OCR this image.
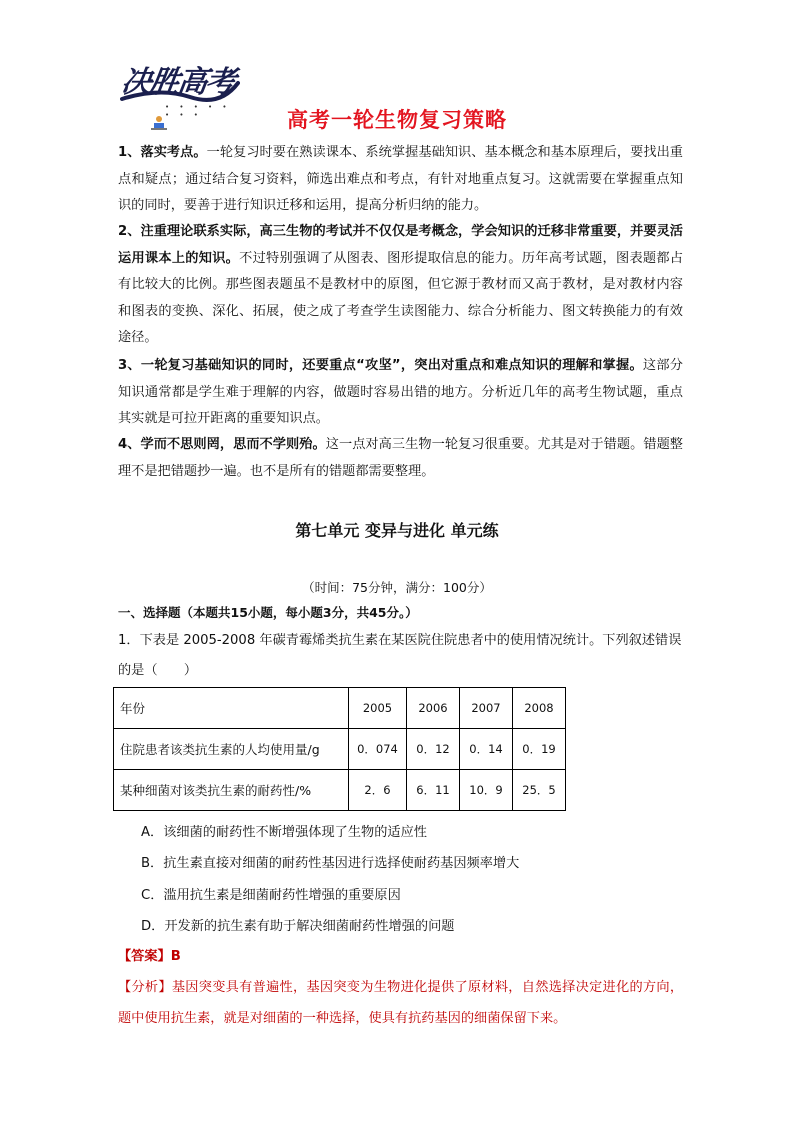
决胜高考
• • • • • • • •	高考一轮生物复习策略
1、落实考点。一轮复习时要在熟读课本、系统掌握基础知识、基本概念和基本原理后，要找出重点和疑点；通过结合复习资料，筛选出难点和考点，有针对地重点复习。这就需要在掌握重点知识的同时，要善于进行知识迁移和运用，提高分析归纳的能力。
2、注重理论联系实际，高三生物的考试并不仅仅是考概念，学会知识的迁移非常重要，并要灵活运用课本上的知识。不过特别强调了从图表、图形提取信息的能力。历年高考试题，图表题都占有比较大的比例。那些图表题虽不是教材中的原图，但它源于教材而又高于教材，是对教材内容和图表的变换、深化、拓展，使之成了考查学生读图能力、综合分析能力、图文转换能力的有效途径。
3、一轮复习基础知识的同时，还要重点“攻坚”，突出对重点和难点知识的理解和掌握。这部分知识通常都是学生难于理解的内容，做题时容易出错的地方。分析近几年的高考生物试题，重点其实就是可拉开距离的重要知识点。
4、学而不思则罔，思而不学则殆。这一点对高三生物一轮复习很重要。尤其是对于错题。错题整理不是把错题抄一遍。也不是所有的错题都需要整理。
第七单元 变异与进化 单元练
（时间：75分钟，满分：100分）
一、选择题（本题共15小题，每小题3分，共45分。）
1．下表是 2005-2008 年碳青霉烯类抗生素在某医院住院患者中的使用情况统计。下列叙述错误的是（　　）
年份	2005	2006	2007	2008
住院患者该类抗生素的人均使用量/g	0．074	0．12	0．14	0．19
某种细菌对该类抗生素的耐药性/%	2．6	6．11	10．9	25．5
A．该细菌的耐药性不断增强体现了生物的适应性
B．抗生素直接对细菌的耐药性基因进行选择使耐药基因频率增大
C．滥用抗生素是细菌耐药性增强的重要原因
D．开发新的抗生素有助于解决细菌耐药性增强的问题
【答案】B
【分析】基因突变具有普遍性，基因突变为生物进化提供了原材料，自然选择决定进化的方向，题中使用抗生素，就是对细菌的一种选择，使具有抗药基因的细菌保留下来。
